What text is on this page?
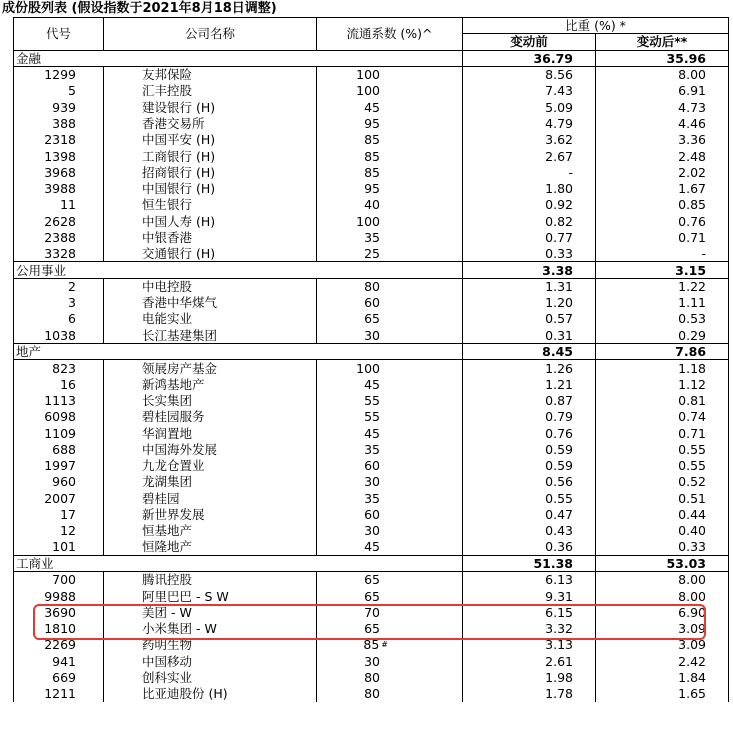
成份股列表 (假设指数于2021年8月18日调整)
代号	公司名称	流通系数 (%)^	比重 (%) *	
			变动前	变动后**
金融			36.79	35.96
1299	友邦保险	100	8.56	8.00
5	汇丰控股	100	7.43	6.91
939	建设银行 (H)	45	5.09	4.73
388	香港交易所	95	4.79	4.46
2318	中国平安 (H)	85	3.62	3.36
1398	工商银行 (H)	85	2.67	2.48
3968	招商银行 (H)	85	-	2.02
3988	中国银行 (H)	95	1.80	1.67
11	恒生银行	40	0.92	0.85
2628	中国人寿 (H)	100	0.82	0.76
2388	中银香港	35	0.77	0.71
3328	交通银行 (H)	25	0.33	-
公用事业			3.38	3.15
2	中电控股	80	1.31	1.22
3	香港中华煤气	60	1.20	1.11
6	电能实业	65	0.57	0.53
1038	长江基建集团	30	0.31	0.29
地产			8.45	7.86
823	领展房产基金	100	1.26	1.18
16	新鸿基地产	45	1.21	1.12
1113	长实集团	55	0.87	0.81
6098	碧桂园服务	55	0.79	0.74
1109	华润置地	45	0.76	0.71
688	中国海外发展	35	0.59	0.55
1997	九龙仓置业	60	0.59	0.55
960	龙湖集团	30	0.56	0.52
2007	碧桂园	35	0.55	0.51
17	新世界发展	60	0.47	0.44
12	恒基地产	30	0.43	0.40
101	恒隆地产	45	0.36	0.33
工商业			51.38	53.03
700	腾讯控股	65	6.13	8.00
9988	阿里巴巴 - S W	65	9.31	8.00
3690	美团 - W	70	6.15	6.90
1810	小米集团 - W	65	3.32	3.09
2269	药明生物	85 #	3.13	3.09
941	中国移动	30	2.61	2.42
669	创科实业	80	1.98	1.84
1211	比亚迪股份 (H)	80	1.78	1.65
